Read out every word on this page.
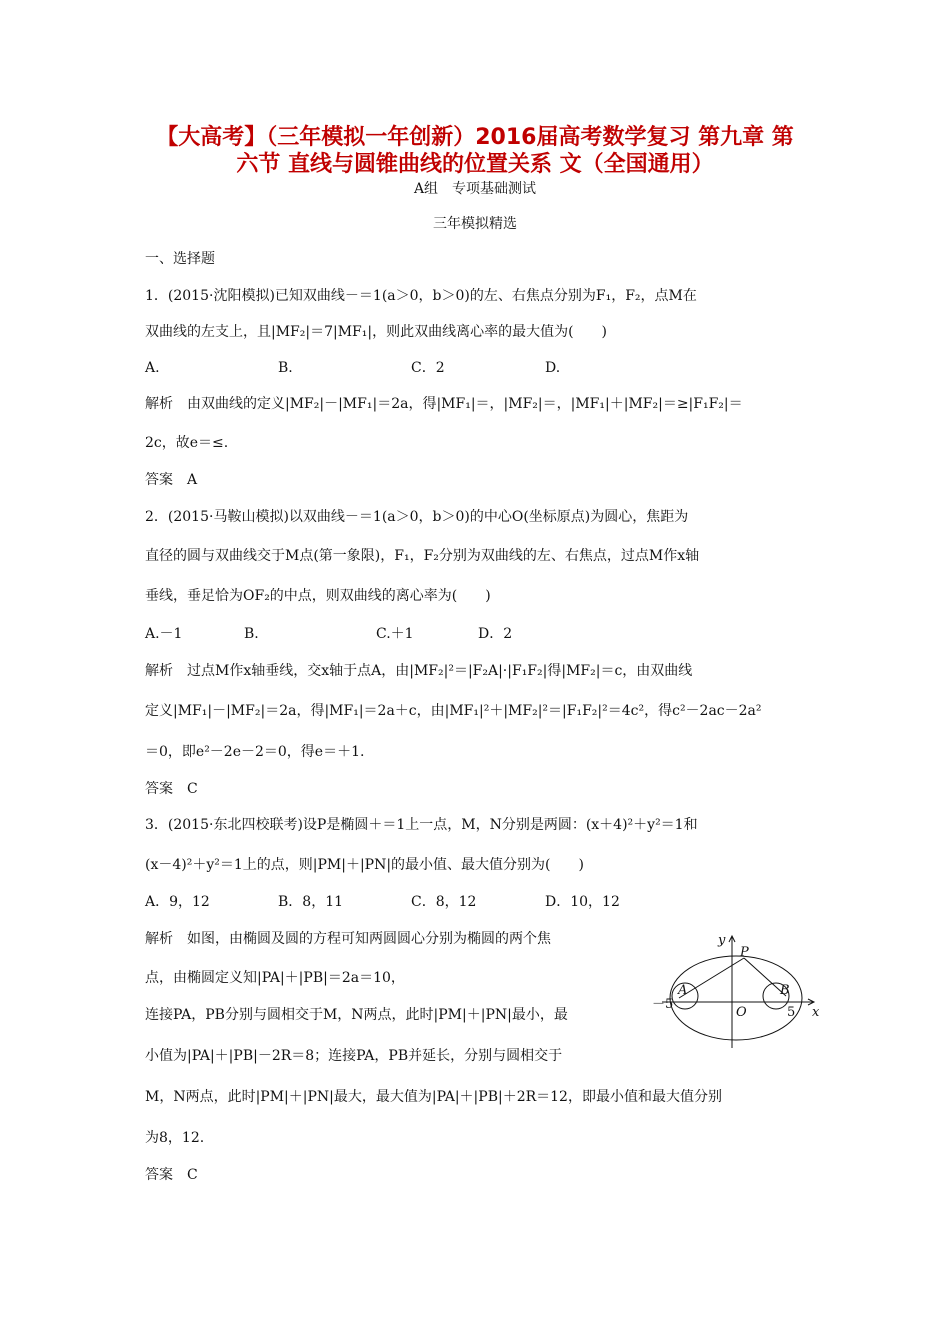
【大高考】（三年模拟一年创新）2016届高考数学复习 第九章 第
六节 直线与圆锥曲线的位置关系 文（全国通用）
A组　专项基础测试
三年模拟精选
一、选择题
1．(2015·沈阳模拟)已知双曲线－＝1(a＞0，b＞0)的左、右焦点分别为F₁，F₂，点M在
双曲线的左支上，且|MF₂|＝7|MF₁|，则此双曲线离心率的最大值为(　　)
A.	B.	C．2	D.
解析　由双曲线的定义|MF₂|－|MF₁|＝2a，得|MF₁|＝，|MF₂|＝，|MF₁|＋|MF₂|＝≥|F₁F₂|＝
2c，故e＝≤.
答案　A
2．(2015·马鞍山模拟)以双曲线－＝1(a＞0，b＞0)的中心O(坐标原点)为圆心，焦距为
直径的圆与双曲线交于M点(第一象限)，F₁，F₂分别为双曲线的左、右焦点，过点M作x轴
垂线，垂足恰为OF₂的中点，则双曲线的离心率为(　　)
A.－1	B.	C.＋1	D．2
解析　过点M作x轴垂线，交x轴于点A，由|MF₂|²＝|F₂A|·|F₁F₂|得|MF₂|＝c，由双曲线
定义|MF₁|－|MF₂|＝2a，得|MF₁|＝2a＋c，由|MF₁|²＋|MF₂|²＝|F₁F₂|²＝4c²，得c²－2ac－2a²
＝0，即e²－2e－2＝0，得e＝＋1.
答案　C
3．(2015·东北四校联考)设P是椭圆＋＝1上一点，M，N分别是两圆：(x＋4)²＋y²＝1和
(x－4)²＋y²＝1上的点，则|PM|＋|PN|的最小值、最大值分别为(　　)
A．9，12	B．8，11	C．8，12	D．10，12
解析　如图，由椭圆及圆的方程可知两圆圆心分别为椭圆的两个焦
点，由椭圆定义知|PA|＋|PB|＝2a＝10，
连接PA，PB分别与圆相交于M，N两点，此时|PM|＋|PN|最小，最
小值为|PA|＋|PB|－2R＝8；连接PA，PB并延长，分别与圆相交于
M，N两点，此时|PM|＋|PN|最大，最大值为|PA|＋|PB|＋2R＝12，即最小值和最大值分别
为8，12.
答案　C
y
P
A	B
O	x
－5
5
